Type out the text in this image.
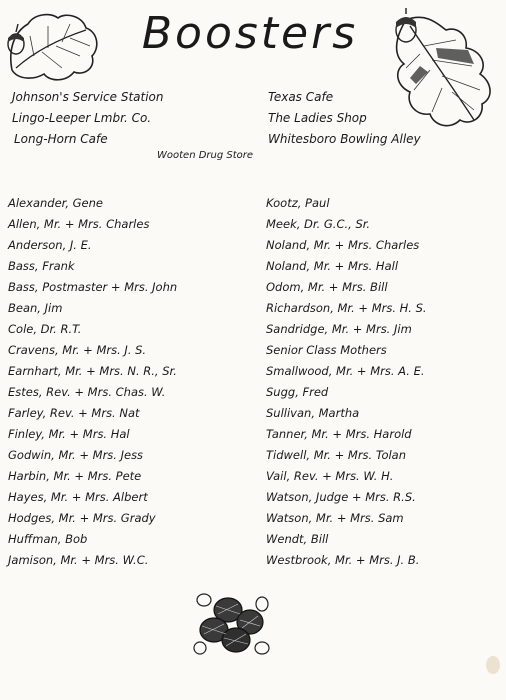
Boosters
Johnson's Service Station
Lingo-Leeper Lmbr. Co.
Long-Horn Cafe
Texas Cafe
The Ladies Shop
Whitesboro Bowling Alley
Wooten Drug Store
Alexander, Gene
Allen, Mr. + Mrs. Charles
Anderson, J. E.
Bass, Frank
Bass, Postmaster + Mrs. John
Bean, Jim
Cole, Dr. R.T.
Cravens, Mr. + Mrs. J. S.
Earnhart, Mr. + Mrs. N. R., Sr.
Estes, Rev. + Mrs. Chas. W.
Farley, Rev. + Mrs. Nat
Finley, Mr. + Mrs. Hal
Godwin, Mr. + Mrs. Jess
Harbin, Mr. + Mrs. Pete
Hayes, Mr. + Mrs. Albert
Hodges, Mr. + Mrs. Grady
Huffman, Bob
Jamison, Mr. + Mrs. W.C.
Kootz, Paul
Meek, Dr. G.C., Sr.
Noland, Mr. + Mrs. Charles
Noland, Mr. + Mrs. Hall
Odom, Mr. + Mrs. Bill
Richardson, Mr. + Mrs. H. S.
Sandridge, Mr. + Mrs. Jim
Senior Class Mothers
Smallwood, Mr. + Mrs. A. E.
Sugg, Fred
Sullivan, Martha
Tanner, Mr. + Mrs. Harold
Tidwell, Mr. + Mrs. Tolan
Vail, Rev. + Mrs. W. H.
Watson, Judge + Mrs. R.S.
Watson, Mr. + Mrs. Sam
Wendt, Bill
Westbrook, Mr. + Mrs. J. B.
